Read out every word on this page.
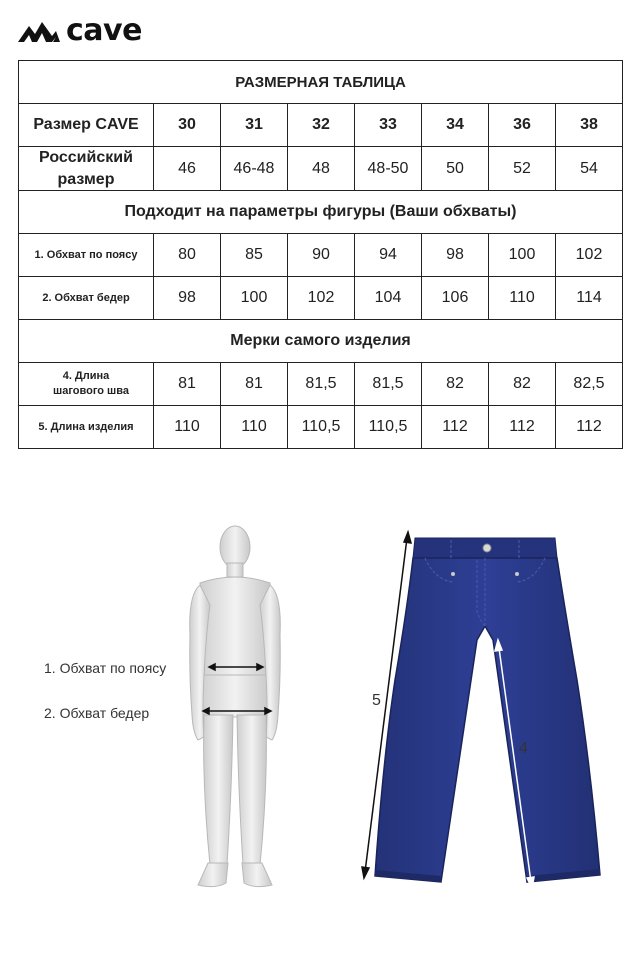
cave
РАЗМЕРНАЯ ТАБЛИЦА							
Размер CAVE	30	31	32	33	34	36	38
Российский
размер	46	46-48	48	48-50	50	52	54
Подходит на параметры фигуры (Ваши обхваты)							
1. Обхват по поясу	80	85	90	94	98	100	102
2. Обхват бедер	98	100	102	104	106	110	114
Мерки самого изделия							
4. Длина
шагового шва	81	81	81,5	81,5	82	82	82,5
5. Длина изделия	110	110	110,5	110,5	112	112	112
1. Обхват по поясу
2. Обхват бедер
5
4
